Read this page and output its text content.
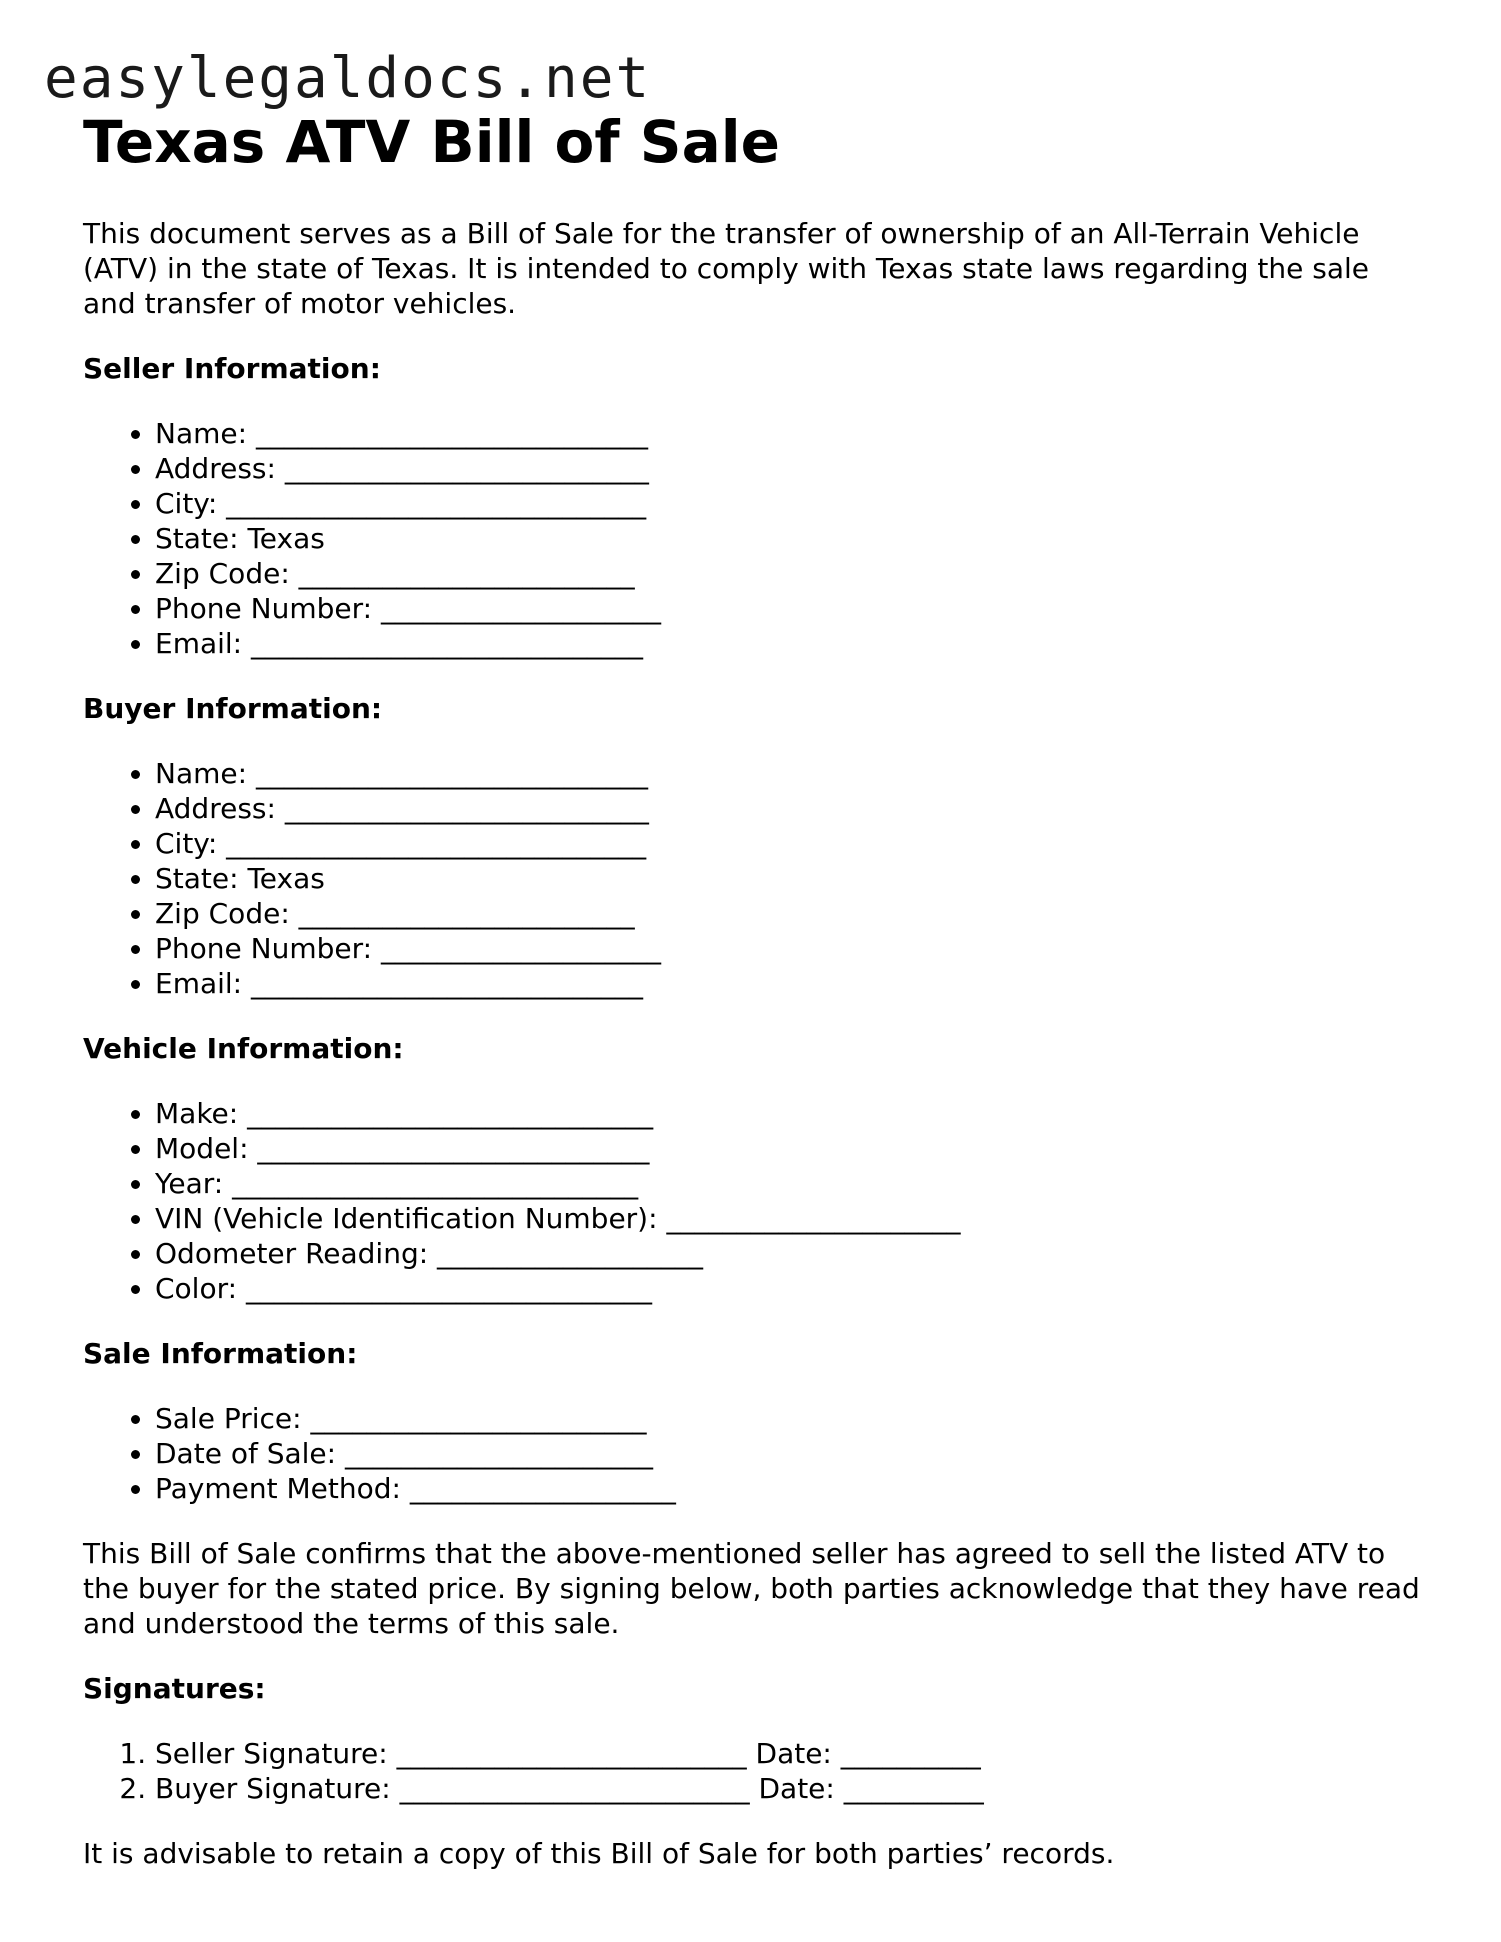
easylegaldocs.net
Texas ATV Bill of Sale

This document serves as a Bill of Sale for the transfer of ownership of an All-Terrain Vehicle (ATV) in the state of Texas. It is intended to comply with Texas state laws regarding the sale and transfer of motor vehicles.

Seller Information:
• Name: ____________________________
• Address: __________________________
• City: ______________________________
• State: Texas
• Zip Code: ________________________
• Phone Number: ____________________
• Email: ____________________________
Buyer Information:
• Name: ____________________________
• Address: __________________________
• City: ______________________________
• State: Texas
• Zip Code: ________________________
• Phone Number: ____________________
• Email: ____________________________
Vehicle Information:
• Make: _____________________________
• Model: ____________________________
• Year: _____________________________
• VIN (Vehicle Identification Number): _____________________
• Odometer Reading: ___________________
• Color: _____________________________
Sale Information:
• Sale Price: ________________________
• Date of Sale: ______________________
• Payment Method: ___________________

This Bill of Sale confirms that the above-mentioned seller has agreed to sell the listed ATV to the buyer for the stated price. By signing below, both parties acknowledge that they have read and understood the terms of this sale.

Signatures:
1. Seller Signature: _________________________ Date: __________
2. Buyer Signature: _________________________ Date: __________

It is advisable to retain a copy of this Bill of Sale for both parties’ records.
